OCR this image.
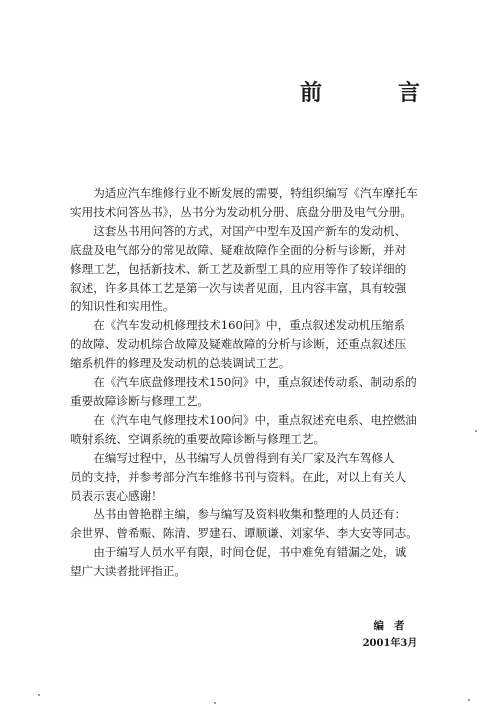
前	言
　　为适应汽车维修行业不断发展的需要，特组织编写《汽车摩托车
实用技术问答丛书》，丛书分为发动机分册、底盘分册及电气分册。
　　这套丛书用问答的方式，对国产中型车及国产新车的发动机、
底盘及电气部分的常见故障、疑难故障作全面的分析与诊断，并对
修理工艺，包括新技术、新工艺及新型工具的应用等作了较详细的
叙述，许多具体工艺是第一次与读者见面，且内容丰富，具有较强
的知识性和实用性。
　　在《汽车发动机修理技术160问》中，重点叙述发动机压缩系
的故障、发动机综合故障及疑难故障的分析与诊断，还重点叙述压
缩系机件的修理及发动机的总装调试工艺。
　　在《汽车底盘修理技术150问》中，重点叙述传动系、制动系的
重要故障诊断与修理工艺。
　　在《汽车电气修理技术100问》中，重点叙述充电系、电控燃油
喷射系统、空调系统的重要故障诊断与修理工艺。
　　在编写过程中，丛书编写人员曾得到有关厂家及汽车驾修人
员的支持，并参考部分汽车维修书刊与资料。在此，对以上有关人
员表示衷心感谢！
　　丛书由曾艳群主编，参与编写及资料收集和整理的人员还有：
余世界、曾希赈、陈清、罗建石、谭顺谦、刘家华、李大安等同志。
　　由于编写人员水平有限，时间仓促，书中难免有错漏之处，诚
望广大读者批评指正。
编者
2001年3月
